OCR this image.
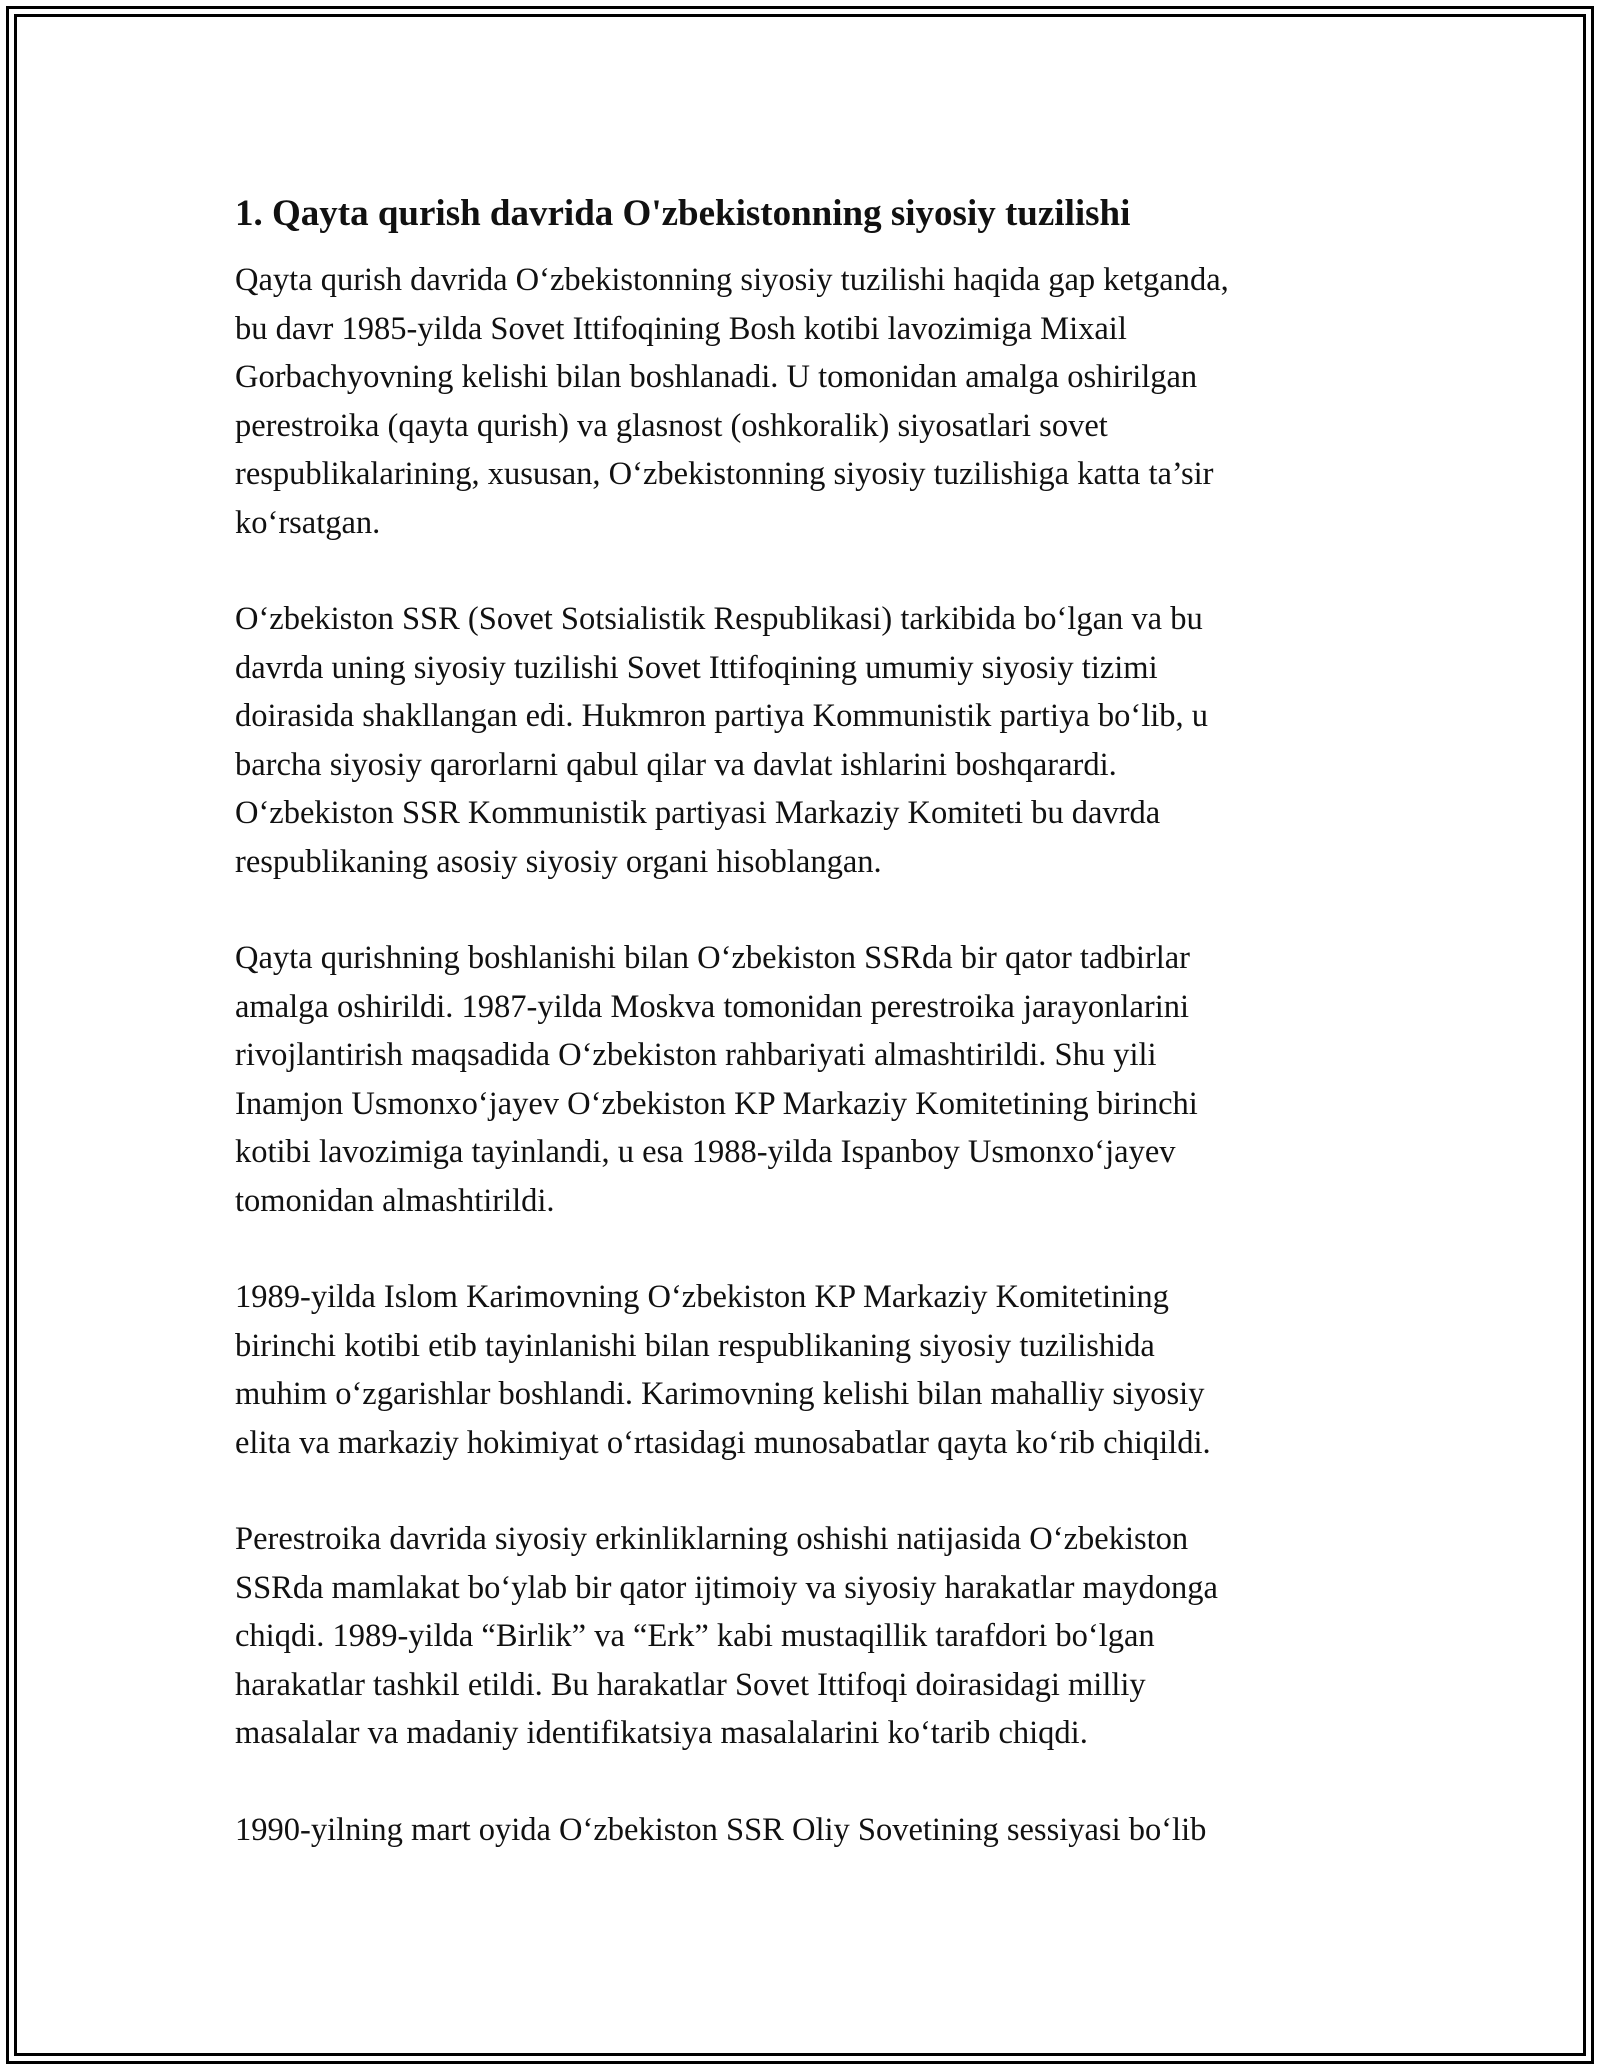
1. Qayta qurish davrida O'zbekistonning siyosiy tuzilishi

Qayta qurish davrida O‘zbekistonning siyosiy tuzilishi haqida gap ketganda,
bu davr 1985-yilda Sovet Ittifoqining Bosh kotibi lavozimiga Mixail
Gorbachyovning kelishi bilan boshlanadi. U tomonidan amalga oshirilgan
perestroika (qayta qurish) va glasnost (oshkoralik) siyosatlari sovet
respublikalarining, xususan, O‘zbekistonning siyosiy tuzilishiga katta ta’sir
ko‘rsatgan.

O‘zbekiston SSR (Sovet Sotsialistik Respublikasi) tarkibida bo‘lgan va bu
davrda uning siyosiy tuzilishi Sovet Ittifoqining umumiy siyosiy tizimi
doirasida shakllangan edi. Hukmron partiya Kommunistik partiya bo‘lib, u
barcha siyosiy qarorlarni qabul qilar va davlat ishlarini boshqarardi.
O‘zbekiston SSR Kommunistik partiyasi Markaziy Komiteti bu davrda
respublikaning asosiy siyosiy organi hisoblangan.

Qayta qurishning boshlanishi bilan O‘zbekiston SSRda bir qator tadbirlar
amalga oshirildi. 1987-yilda Moskva tomonidan perestroika jarayonlarini
rivojlantirish maqsadida O‘zbekiston rahbariyati almashtirildi. Shu yili
Inamjon Usmonxo‘jayev O‘zbekiston KP Markaziy Komitetining birinchi
kotibi lavozimiga tayinlandi, u esa 1988-yilda Ispanboy Usmonxo‘jayev
tomonidan almashtirildi.

1989-yilda Islom Karimovning O‘zbekiston KP Markaziy Komitetining
birinchi kotibi etib tayinlanishi bilan respublikaning siyosiy tuzilishida
muhim o‘zgarishlar boshlandi. Karimovning kelishi bilan mahalliy siyosiy
elita va markaziy hokimiyat o‘rtasidagi munosabatlar qayta ko‘rib chiqildi.

Perestroika davrida siyosiy erkinliklarning oshishi natijasida O‘zbekiston
SSRda mamlakat bo‘ylab bir qator ijtimoiy va siyosiy harakatlar maydonga
chiqdi. 1989-yilda “Birlik” va “Erk” kabi mustaqillik tarafdori bo‘lgan
harakatlar tashkil etildi. Bu harakatlar Sovet Ittifoqi doirasidagi milliy
masalalar va madaniy identifikatsiya masalalarini ko‘tarib chiqdi.

1990-yilning mart oyida O‘zbekiston SSR Oliy Sovetining sessiyasi bo‘lib
